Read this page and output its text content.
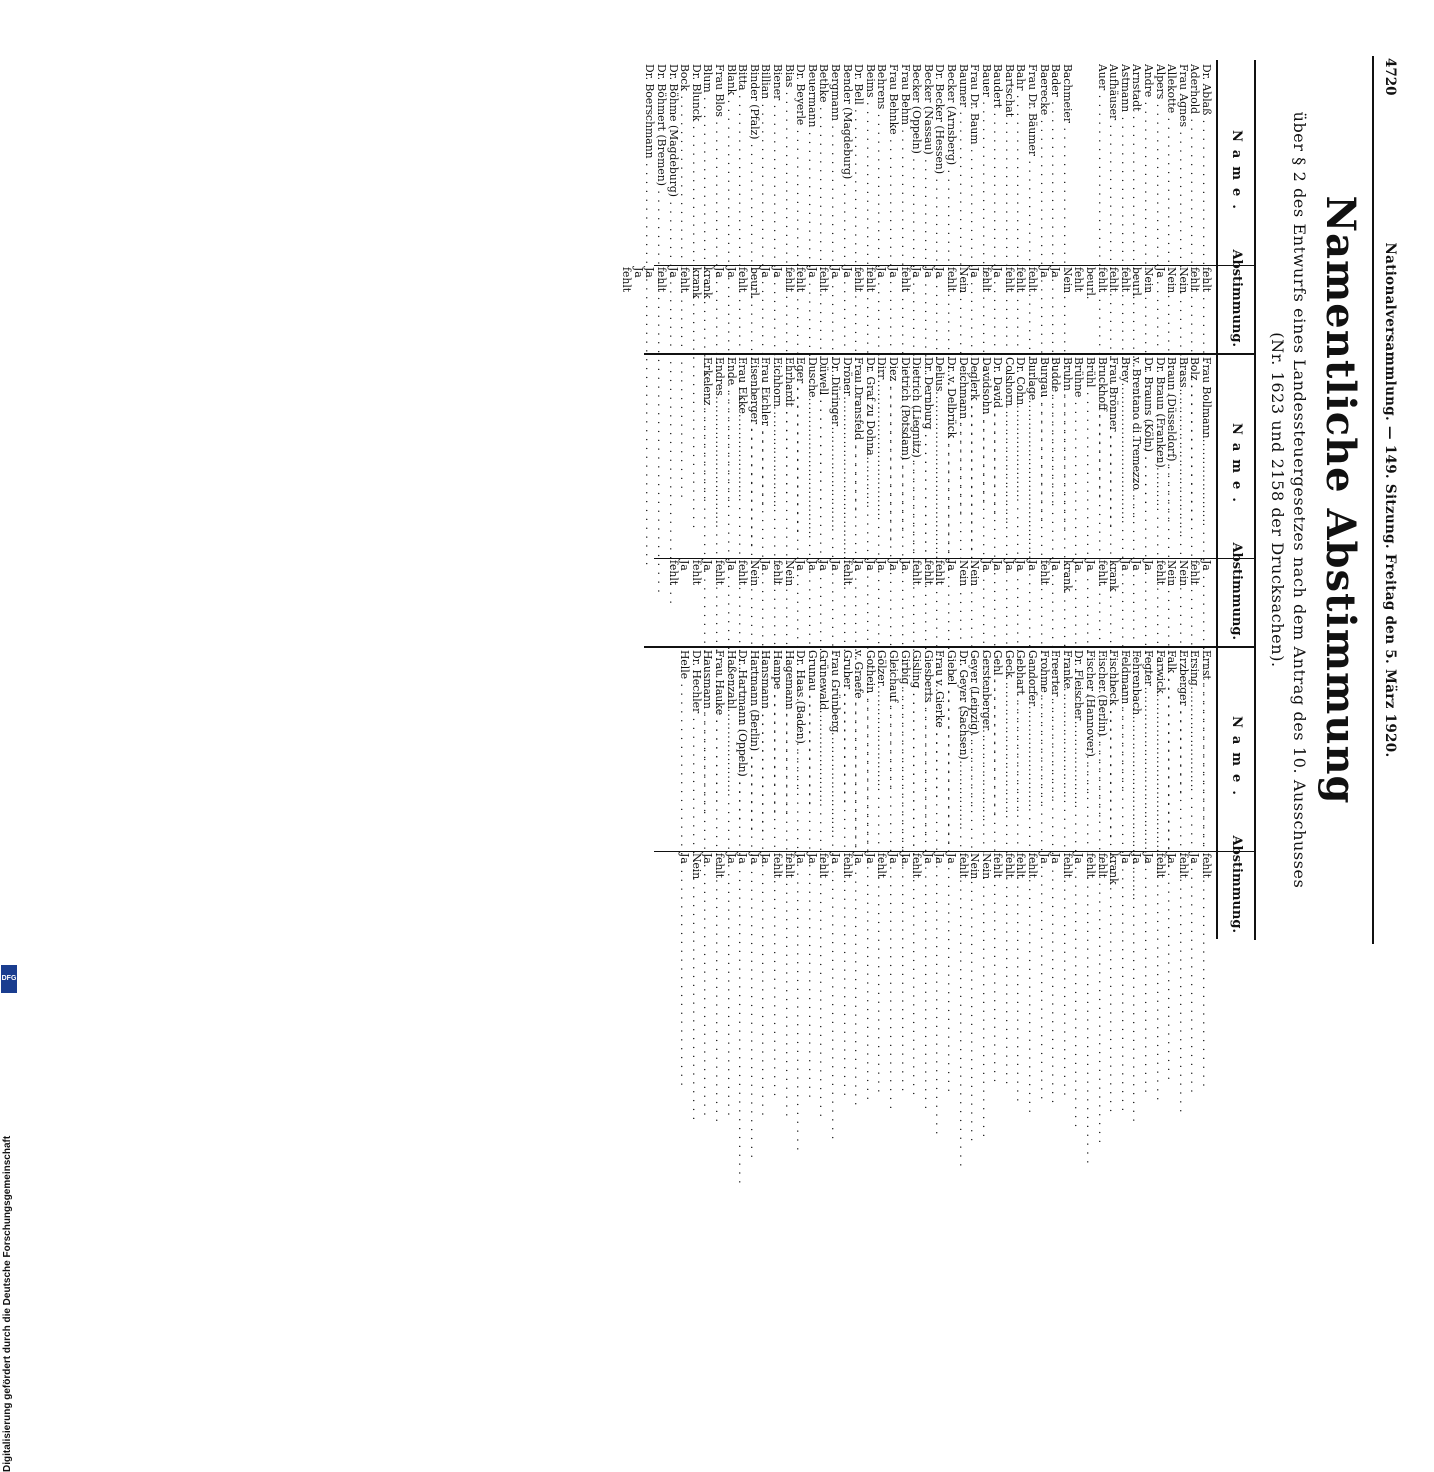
4720
Nationalversammlung. — 149. Sitzung. Freitag den 5. März 1920.
Namentliche Abstimmung
über § 2 des Entwurfs eines Landessteuergesetzes nach dem Antrag des 10. Ausschusses (Nr. 1623 und 2158 der Drucksachen).
Name.
Abstimmung.
Dr. Ablaß . . .
fehlt
Aderhold . . .
fehlt
Frau Agnes . . .
Nein
Allekotte . . .
Nein
Alpers . . .
Ja
Andre . . .
Nein
Arnstadt . . .
beurl.
Astmann . . .
fehlt
Aufhäuser . . .
fehlt
Auer . . .
fehlt
beurl.
fehlt
Bachmeier . . .
Nein
Bader . . .
Ja
Baerecke . . .
Ja
Frau Dr. Bäumer . . .
fehlt
Bahr . . .
fehlt
Bartschat . . .
fehlt
Baudert . . .
Ja
Bauer . . .
fehlt
Frau Dr. Baum . . .
Ja
Baumer . . .
Nein
Becker (Arnsberg) . . .
fehlt
Dr. Becker (Hessen) . . .
Ja
Becker (Nassau) . . .
Ja
Becker (Oppeln) . . .
Ja
Frau Behm . . .
fehlt
Frau Behnke . . .
Ja
Behrens . . .
Ja
Beims . . .
fehlt
Dr. Bell . . .
fehlt
Bender (Magdeburg) . . .
Ja
Bergmann . . .
Ja
Bethke . . .
fehlt
Beuermann . . .
Ja
Dr. Beyerle . . .
fehlt
Bias . . .
fehlt
Biener . . .
Ja
Billian . . .
Ja
Binder (Pfalz) . . .
beurl.
Bitta . . .
fehlt
Blank . . .
Ja
Frau Blos . . .
Ja
Blum . . .
krank
Dr. Blunck . . .
krank
Bock . . .
fehlt
Dr. Böhme (Magdeburg) . . .
Ja
Dr. Böhmert (Bremen) . . .
fehlt
Dr. Boerschmann . . .
Ja
Ja
fehlt
Name.
Abstimmung.
Frau Bollmann . . .
Ja
Bolz . . .
fehlt
Brass . . .
Nein
Braun (Düsseldorf) . . .
Nein
Dr. Braun (Franken) . . .
fehlt
Dr. Brauns (Köln) . . .
Ja
v. Brentano di Tremezzo . . .
Ja
Brey . . .
Ja
Frau Brönner . . .
krank
Bruckhoff . . .
fehlt
Brühl . . .
Ja
Brühne . . .
Ja
Bruhn . . .
krank
Budde . . .
Ja
Burgau . . .
fehlt
Burlage . . .
Ja
Dr. Cohn . . .
Ja
Colshorn . . .
Ja
Dr. David . . .
Ja
Davidsohn . . .
Ja
Deglerk . . .
Nein
Deichmann . . .
Nein
Dr. v. Delbrück . . .
Ja
Delius . . .
fehlt
Dr. Dernburg . . .
fehlt
Dietrich (Liegnitz) . . .
fehlt
Dietrich (Potsdam) . . .
Ja
Diez . . .
Ja
Dirr . . .
Ja
Dr. Graf zu Dohna . . .
Ja
Frau Dransfeld . . .
Ja
Dröner . . .
fehlt
Dr. Düringer . . .
Ja
Düwell . . .
Ja
Dusche . . .
Ja
Eger . . .
Ja
Ehrhardt . . .
Nein
Eichhorn . . .
fehlt
Frau Eichler . . .
Ja
Eisenberger . . .
Nein
Frau Ekke . . .
fehlt
Ende . . .
Ja
Endres . . .
fehlt
Erkelenz . . .
Ja
fehlt
Ja
fehlt
Name.
Abstimmung.
Ernst . . .
fehlt
Ersing . . .
Ja
Erzberger . . .
fehlt
Falk . . .
Ja
Farwick . . .
fehlt
Fegter . . .
Ja
Fehrenbach . . .
Ja
Feldmann . . .
Ja
Fischbeck . . .
krank
Fischer (Berlin) . . .
fehlt
Fischer (Hannover) . . .
fehlt
Dr. Fleischer . . .
Ja
Franke . . .
fehlt
Freerter . . .
Ja
Frohme . . .
Ja
Gandorfer . . .
fehlt
Gebhart . . .
fehlt
Geck . . .
fehlt
Gehl . . .
fehlt
Gerstenberger . . .
Nein
Geyer (Leipzig) . . .
Nein
Dr. Geyer (Sachsen) . . .
fehlt
Giebel . . .
Ja
Frau v. Gierke . . .
Ja
Giesberts . . .
Ja
Gisling . . .
fehlt
Girbig . . .
Ja
Gleichauf . . .
Ja
Gölzer . . .
fehlt
Gothein . . .
Ja
v. Graefe . . .
Ja
Gruber . . .
fehlt
Frau Grünberg . . .
Ja
Grünewald . . .
fehlt
Grunau . . .
Ja
Dr. Haas (Baden) . . .
Ja
Hagemann . . .
fehlt
Hampe . . .
fehlt
Hansmann . . .
Ja
Hartmann (Berlin) . . .
Ja
Dr. Hartmann (Oppeln) . . .
Ja
Haßenzahl . . .
Ja
Frau Hauke . . .
fehlt
Hausmann . . .
Ja
Dr. Hechler . . .
Nein
Helle . . .
Ja
Digitalisierung gefördert durch die Deutsche Forschungsgemeinschaft
DFG
